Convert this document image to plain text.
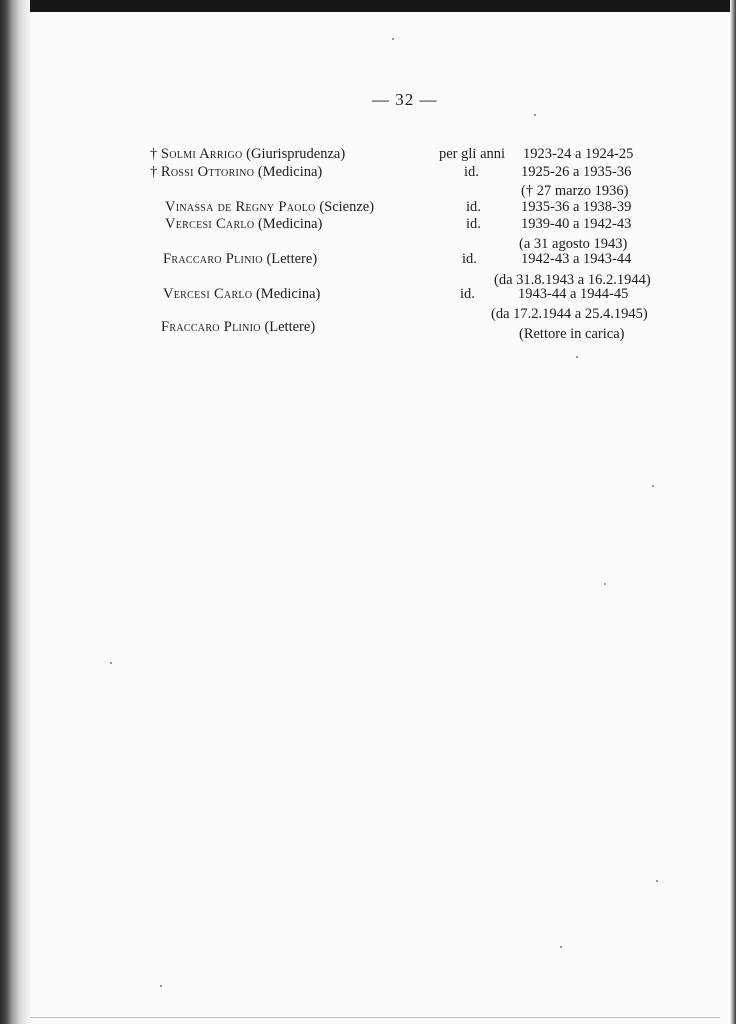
— 32 —
† Solmi Arrigo (Giurisprudenza)	per gli anni 1923-24 a 1924-25
† Rossi Ottorino (Medicina)	id.	1925-26 a 1935-36
(† 27 marzo 1936)
Vinassa de Regny Paolo (Scienze)	id.	1935-36 a 1938-39
Vercesi Carlo (Medicina)	id.	1939-40 a 1942-43
(a 31 agosto 1943)
Fraccaro Plinio (Lettere)	id.	1942-43 a 1943-44
(da 31.8.1943 a 16.2.1944)
Vercesi Carlo (Medicina)	id.	1943-44 a 1944-45
(da 17.2.1944 a 25.4.1945)
Fraccaro Plinio (Lettere)	(Rettore in carica)
